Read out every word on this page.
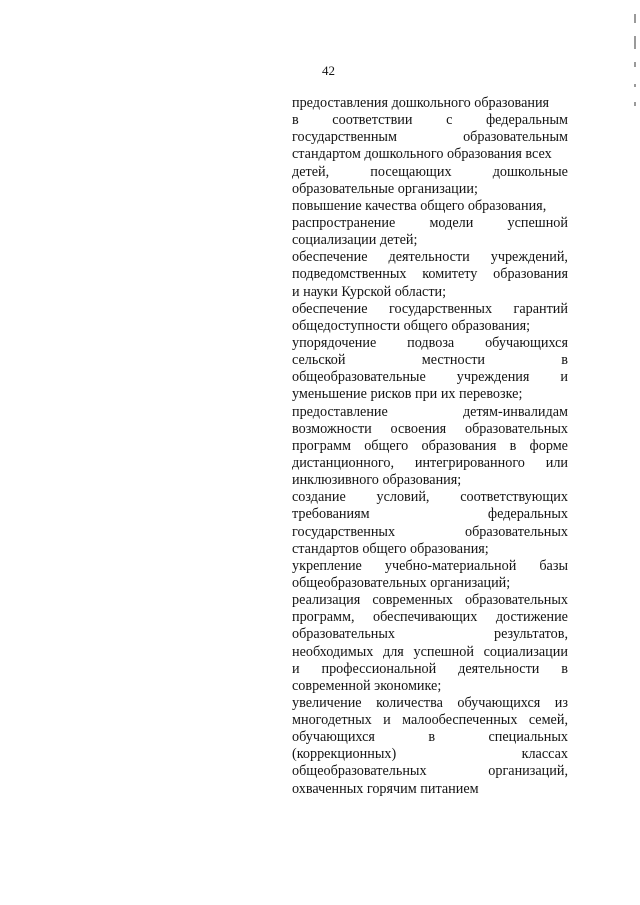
42
предоставления дошкольного образования
в соответствии с федеральным
государственным	образовательным
стандартом дошкольного образования всех
детей,	посещающих	дошкольные
образовательные организации;
повышение качества общего образования,
распространение модели успешной
социализации детей;
обеспечение деятельности учреждений,
подведомственных комитету образования
и науки Курской области;
обеспечение государственных гарантий
общедоступности общего образования;
упорядочение подвоза обучающихся
сельской	местности	в
общеобразовательные учреждения и
уменьшение рисков при их перевозке;
предоставление	детям-инвалидам
возможности освоения образовательных
программ общего образования в форме
дистанционного, интегрированного или
инклюзивного образования;
создание условий, соответствующих
требованиям	федеральных
государственных	образовательных
стандартов общего образования;
укрепление учебно-материальной базы
общеобразовательных организаций;
реализация современных образовательных
программ, обеспечивающих достижение
образовательных	результатов,
необходимых для успешной социализации
и профессиональной деятельности в
современной экономике;
увеличение количества обучающихся из
многодетных и малообеспеченных семей,
обучающихся	в	специальных
(коррекционных)	классах
общеобразовательных	организаций,
охваченных горячим питанием
